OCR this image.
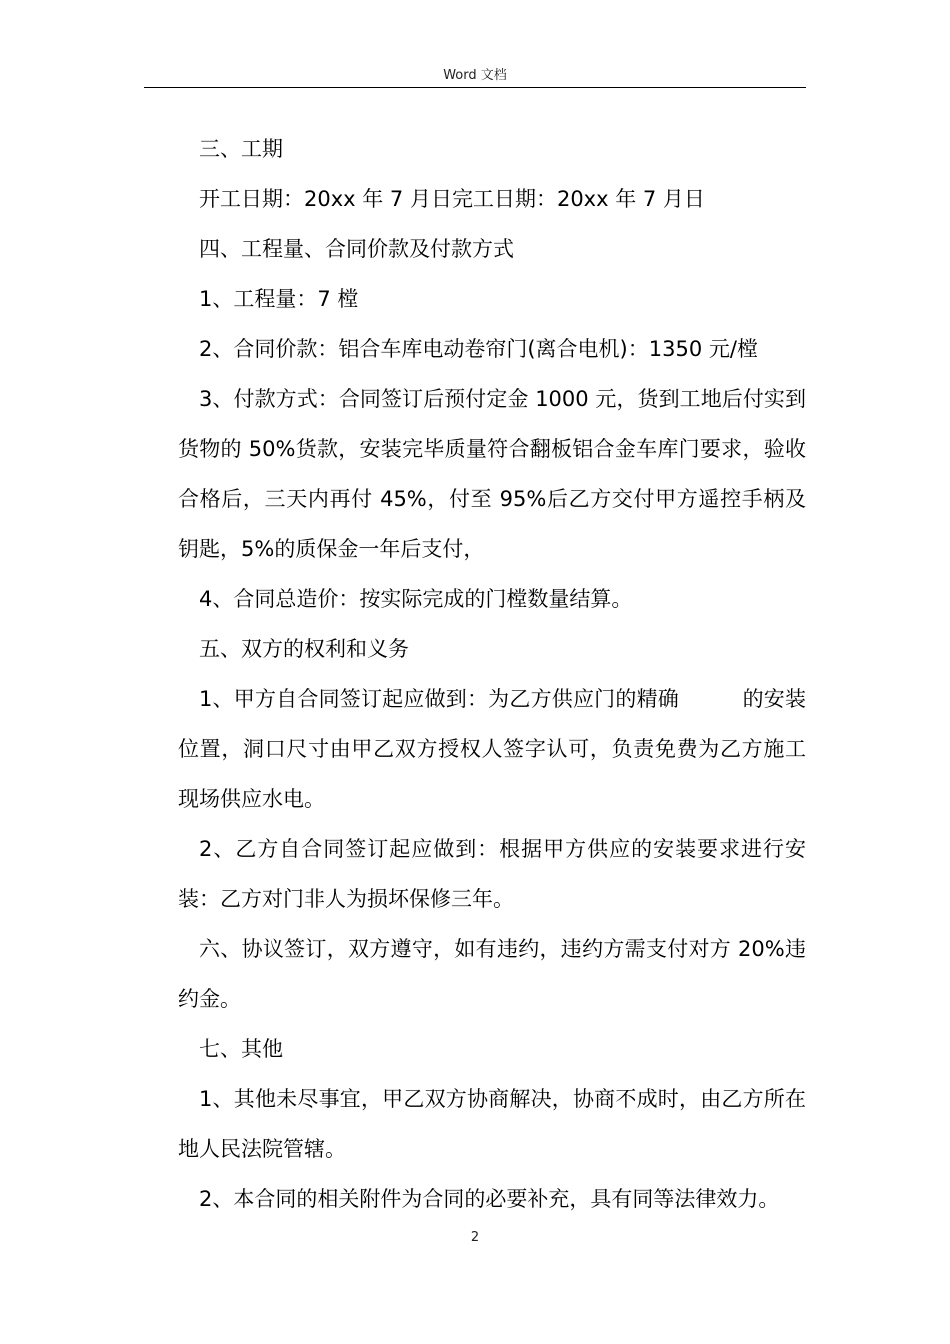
Word 文档

三、工期

开工日期：20xx 年 7 月日完工日期：20xx 年 7 月日

四、工程量、合同价款及付款方式

1、工程量：7 樘

2、合同价款：铝合车库电动卷帘门(离合电机)：1350 元/樘

3、付款方式：合同签订后预付定金 1000 元，货到工地后付实到货物的 50%货款，安装完毕质量符合翻板铝合金车库门要求，验收合格后，三天内再付 45%，付至 95%后乙方交付甲方遥控手柄及钥匙，5%的质保金一年后支付，

4、合同总造价：按实际完成的门樘数量结算。

五、双方的权利和义务

1、甲方自合同签订起应做到：为乙方供应门的精确　　　的安装位置，洞口尺寸由甲乙双方授权人签字认可，负责免费为乙方施工现场供应水电。

2、乙方自合同签订起应做到：根据甲方供应的安装要求进行安装：乙方对门非人为损坏保修三年。

六、协议签订，双方遵守，如有违约，违约方需支付对方 20%违约金。

七、其他

1、其他未尽事宜，甲乙双方协商解决，协商不成时，由乙方所在地人民法院管辖。

2、本合同的相关附件为合同的必要补充，具有同等法律效力。

2
